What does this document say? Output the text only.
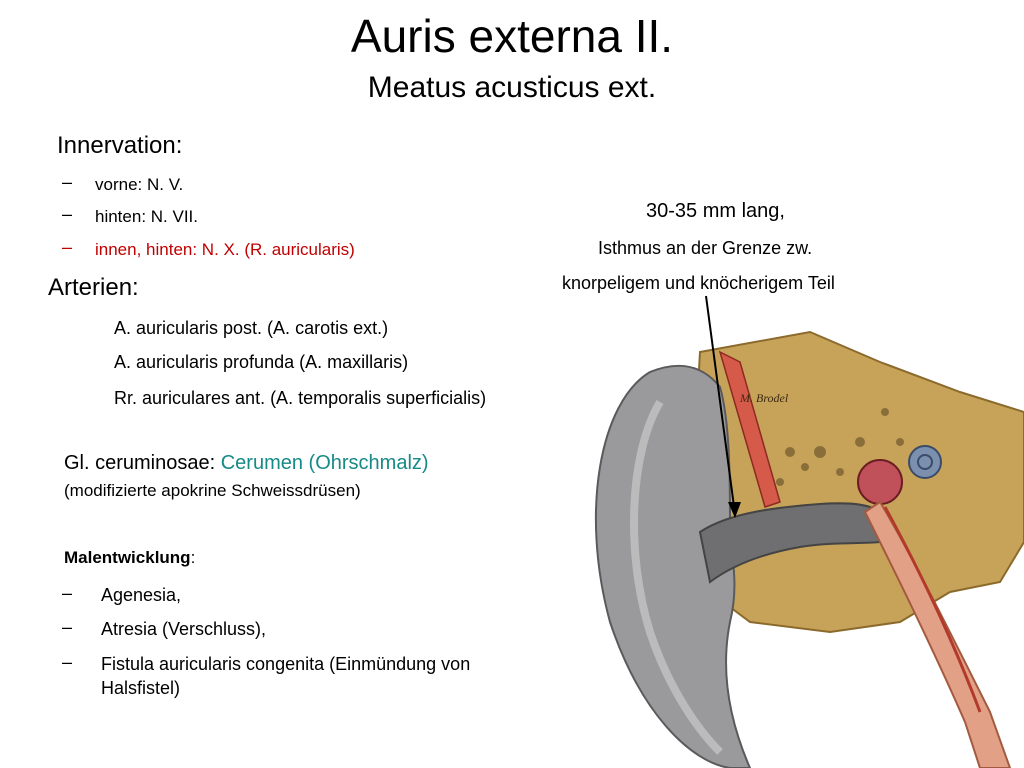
Auris externa II.
Meatus acusticus ext.
Innervation:
– vorne: N. V.
– hinten: N. VII.
– innen, hinten: N. X. (R. auricularis)
Arterien:
A. auricularis post. (A. carotis ext.)
A. auricularis profunda (A. maxillaris)
Rr. auriculares ant. (A. temporalis superficialis)
Gl. ceruminosae: Cerumen (Ohrschmalz)
(modifizierte apokrine Schweissdrüsen)
Malentwicklung:
– Agenesia,
– Atresia (Verschluss),
– Fistula auricularis congenita (Einmündung von
Halsfistel)
30-35 mm lang,
Isthmus an der Grenze zw.
knorpeligem und knöcherigem Teil
M. Brodel
